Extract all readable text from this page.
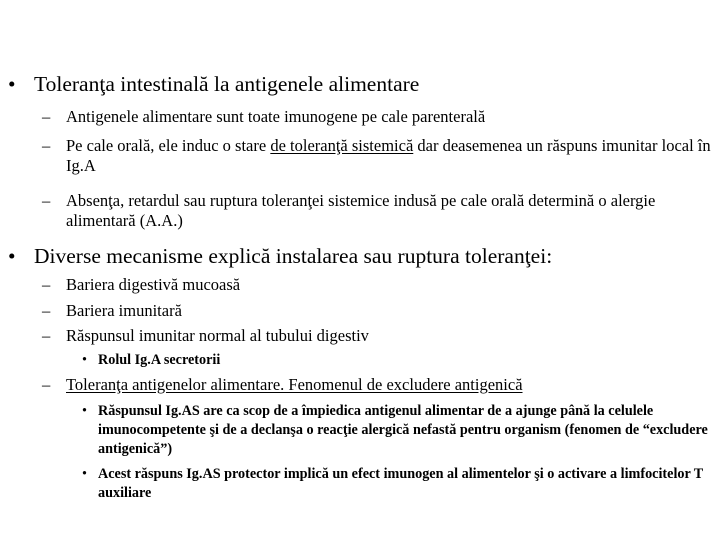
• Toleranţa intestinală la antigenele alimentare
– Antigenele alimentare sunt toate imunogene pe cale parenterală
– Pe cale orală, ele induc o stare de toleranţă sistemică dar deasemenea un răspuns imunitar local în Ig.A
– Absenţa, retardul sau ruptura toleranţei sistemice indusă pe cale orală determină o alergie alimentară (A.A.)
• Diverse mecanisme explică instalarea sau ruptura toleranţei:
– Bariera digestivă mucoasă
– Bariera imunitară
– Răspunsul imunitar normal al tubului digestiv
• Rolul Ig.A secretorii
– Toleranţa antigenelor alimentare. Fenomenul de excludere antigenică
• Răspunsul Ig.AS are ca scop de a împiedica antigenul alimentar de a ajunge până la celulele imunocompetente şi de a declanşa o reacţie alergică nefastă pentru organism (fenomen de “excludere antigenică”)
• Acest răspuns Ig.AS protector implică un efect imunogen al alimentelor şi o activare a limfocitelor T auxiliare
